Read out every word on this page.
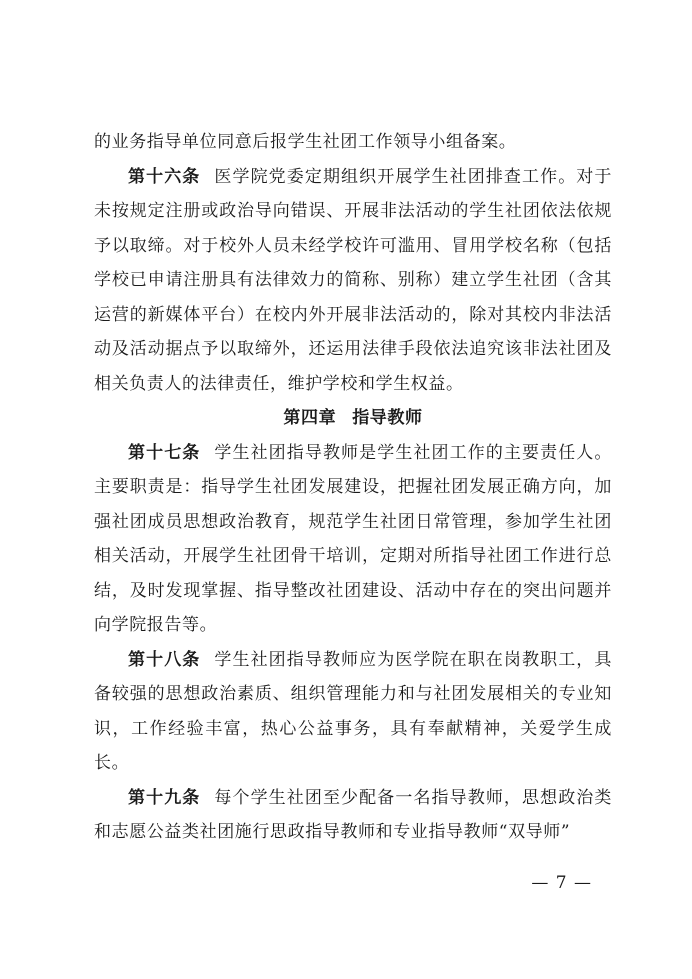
的业务指导单位同意后报学生社团工作领导小组备案。

第十六条 医学院党委定期组织开展学生社团排查工作。对于未按规定注册或政治导向错误、开展非法活动的学生社团依法依规予以取缔。对于校外人员未经学校许可滥用、冒用学校名称（包括学校已申请注册具有法律效力的简称、别称）建立学生社团（含其运营的新媒体平台）在校内外开展非法活动的，除对其校内非法活动及活动据点予以取缔外，还运用法律手段依法追究该非法社团及相关负责人的法律责任，维护学校和学生权益。

第四章 指导教师

第十七条 学生社团指导教师是学生社团工作的主要责任人。主要职责是：指导学生社团发展建设，把握社团发展正确方向，加强社团成员思想政治教育，规范学生社团日常管理，参加学生社团相关活动，开展学生社团骨干培训，定期对所指导社团工作进行总结，及时发现掌握、指导整改社团建设、活动中存在的突出问题并向学院报告等。

第十八条 学生社团指导教师应为医学院在职在岗教职工，具备较强的思想政治素质、组织管理能力和与社团发展相关的专业知识，工作经验丰富，热心公益事务，具有奉献精神，关爱学生成长。

第十九条 每个学生社团至少配备一名指导教师，思想政治类和志愿公益类社团施行思政指导教师和专业指导教师“双导师”

— 7 —
